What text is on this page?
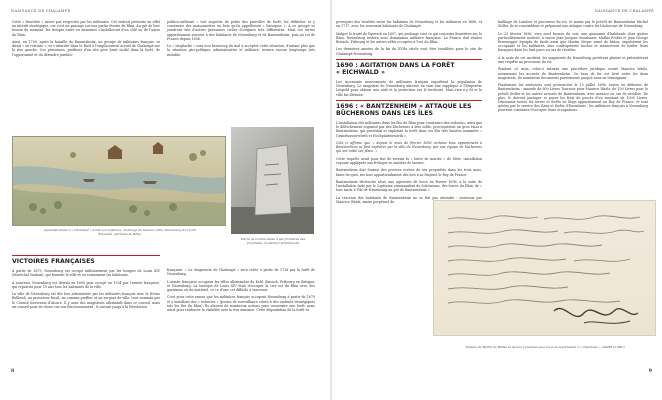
NAISSANCE DE CHALAMPÉ

Cette « frontière » neuve pas respectée par les militaires. Cet endroit présente en effet un intérêt stratégique, car c'est un passage sur une partie étroite du Rhin. Au gré de leur besoin du moment, les troupes entre ou ennemies s'installeront d'un côté ou de l'autre du Rhin.

Ainsi, en 1709, après la bataille de Rumersheim, un groupe de militaires français, se dirait « en retraite », va s'attarder dans le Ried à l'emplacement actuel de Chalampé sur la rive gauche. Ces personnes, profitent d'un site gros bruit sicdié dans la forêt, de l'opportunité et du détendre juridico-

politico-militaire « voit acquérir de petits des parcelles de forêt, les défricher et y construire des maisonnettes en bois qu'ils appelleront « baraques ». À ce groupe se joindront vite d'autres personnes civiles d'origines très différentes. Mais ces terres appartiennent souvent à des habitants de Neuenburg et de Bantzenheim, puis au roi de France depuis 1694.

Le « sitzplacke » sera non beaucoup du mal à accepter cette situation, d'autant plus que la situation géo-politique, administrative et militaire, restera encore longtemps très instable.

Aquarelle située à « Chalampé » avant son existence, montrage de bateaux entre Neuenburg et la forêt Rotzwald. (Archives de Bâle).
Pierre de bornes située à pas frontières des propriétés. (Collection Schirmbeck)
VICTOIRES FRANÇAISES

À partir de 1675, Neuenburg est occupé militairement par les troupes de Louis XIV (Maréchal Vauban), qui feraient le ville et en ruineraient les habitants.

À nouveau, Neuenburg est détruit en 1690 puis occupé en 1704 par l'armée française, qui repartira pour 10 ans tous les habitants de la ville.

La ville de Neuenburg est dès lors administrée par les militaires français avec le Heuss Bellieuil, un procureur fiscal, un commis greffier et un sergent de ville, tous nommés par le Conseil Souverain d'Alsace. Il y aura des magistrats allemands dans ce conseil, mais un conseil pour de chose sur son fonctionnement ; il suivant jusqu'à la Révolution

française. » La Seigneurie de Chalampé « sera créée à partir de 1728 par la forêt de Neuenburg.

L'armée française occupera les villes allemandes de Kehl, Brisach, Fribourg en Brisgau, et Neuenburg. La tactique de Louis XIV était d'occuper la rive est du Rhin avec des garnisons où du matériel, ce ce d'une cet difficile à traverser.

C'est pour cette raison que les militaires français occupent Neuenburg à partir de 1675 et y installent des « redoutes » (postes de surveillance situés à des endroits stratégiques tels les îles du Rhin). Ils aboient de nombreux actions pour construire une forêt, mais aussi pour renforcer la visibilité vers la rive ennemie. Cette dégradation de la forêt va

8
NAISSANCE DE CHALAMPÉ

provoquer des troubles entre les habitants de Neuenburg et les militaires en 1686, et en 1717, avec les nouveaux habitants de Chalampé.

Malgré le traité de Ryswick en 1697, qui prolonge tout ce qui concerne frontières sur le Rhin, Neuenburg restera sous domination militaire française. La France doit rendre Brisach, Fribourg et les autres villes occupées à l'est du Rhin.

Les dernières années de la fin du XVIIe siècle vont être troublées pour le site de Chalampé-Neuenburg.

1690 : AGITATION DANS LA FORÊT
« EICHWALD »

Les incessants mouvements de militaires français inquiètent la population de Neuenburg. Le magistrat de Neuenburg adresse en vain une supplique à l'Empereur Léopold pour obtenir une aide et la protection sur le territoire. Mais rien n'y fit et la ville fut détruite.

1696 : « BANTZENHEIM » ATTAQUE LES
BÛCHERONS DANS LES ÎLES

L'installation des militaires dans les îles du Rhin pour construire des redoutes, ainsi que le défrichement organisé par des bûcherons à leur solde, provoquèrent un gros émoi à Bantzenheim, qui possédait et exploitait la forêt dans ces îles très boisées nommées « Grundwasserwörth et Hochplattenwörth ».

Cela ci affirme que « depuis le mois de février 1696 certains bois appartenant à Bantzenheim se font exploiter par la ville de Neuenburg, par une équipe de bûcherons qui ont initié sur place. »

Cette requête avait pour but de retenir la « bière de mariée » de Metz, installation voyante appliquée aux frôlages en matière de bornes.

Bantzenheim doit fournir des preuves écrites de ses propriétés dans les trois mois, faute de quoi, ses bois appartiendraient dès lors à sa Majesté le Roy de France.

Bantzenheim déclenche alors une agressive de force en février 1696, à la suite de l'installation faite par le Capitaine commandant de Schönenau, des forces du Rhin, de « tout saisir à l'île de Neuenburg au gré de Bantzenheim ».

La réaction des habitants de Bantzenheim ne se fait pas attendre : soutenus par Maurice Waelz, maire perpétuel du

bailliage de Landser et procureur du roi, et munis par le prévôt de Bantzenheim Michel Stiller, ils se rassemblent et préparent une attaque contre les bûcherons de Neuenburg.

Le 25 février 1696, vers neuf heures du soir, une quinzaine d'habitants dont quatre particulièrement motivés, à savoir Jean-Jacques Gunzbauer, Mathis Probst et Jean George Rosenegger équipés de fusils ainsi que Martin Meyer armé de bâton, expulsèrent les occupants et les militaires, leur confisquèrent haches et menacèrent de brûler leurs baraques dans les huit jours en cas de récidive.

À la suite de cet incident, les magistrats de Neuenburg portèrent plainte et présentèrent une requête au procureur du roi.

Pendant 20 mois, celui-ci mènera une procédure juridique contre Maurice Waelz, notamment les accusés de Bantzenheim. Un bras de fer est livré entre les deux magistrats. De nombreux documents parviennent jusqu'à nous en témoignant.

Finalement les sentences sont prononcées le 15 juillet 1696, toutes en défaveur de Bantzenheim : amende de 600 Livres Tournois pour Maurice Waelz, de 100 Livres pour le prévôt Stiller et les autres accusés de Bantzenheim, avec menace en cas de récidive. De plus, le doivent partager et payer les frais de procès d'un montant de 1000 Livres. Désormais toutes les terres et forêts en litige appartiennent au Roy de France, et sont gérées par le service des Eaux et forêts d'Ensisheim ; les militaires français à Neuenburg pourront continuer d'occuper leurs occupations.

9
Tableau de Martin de Hildso et de leur personnel pour les bois appartenant à « Chalampé ». (ADHR et SHC)
